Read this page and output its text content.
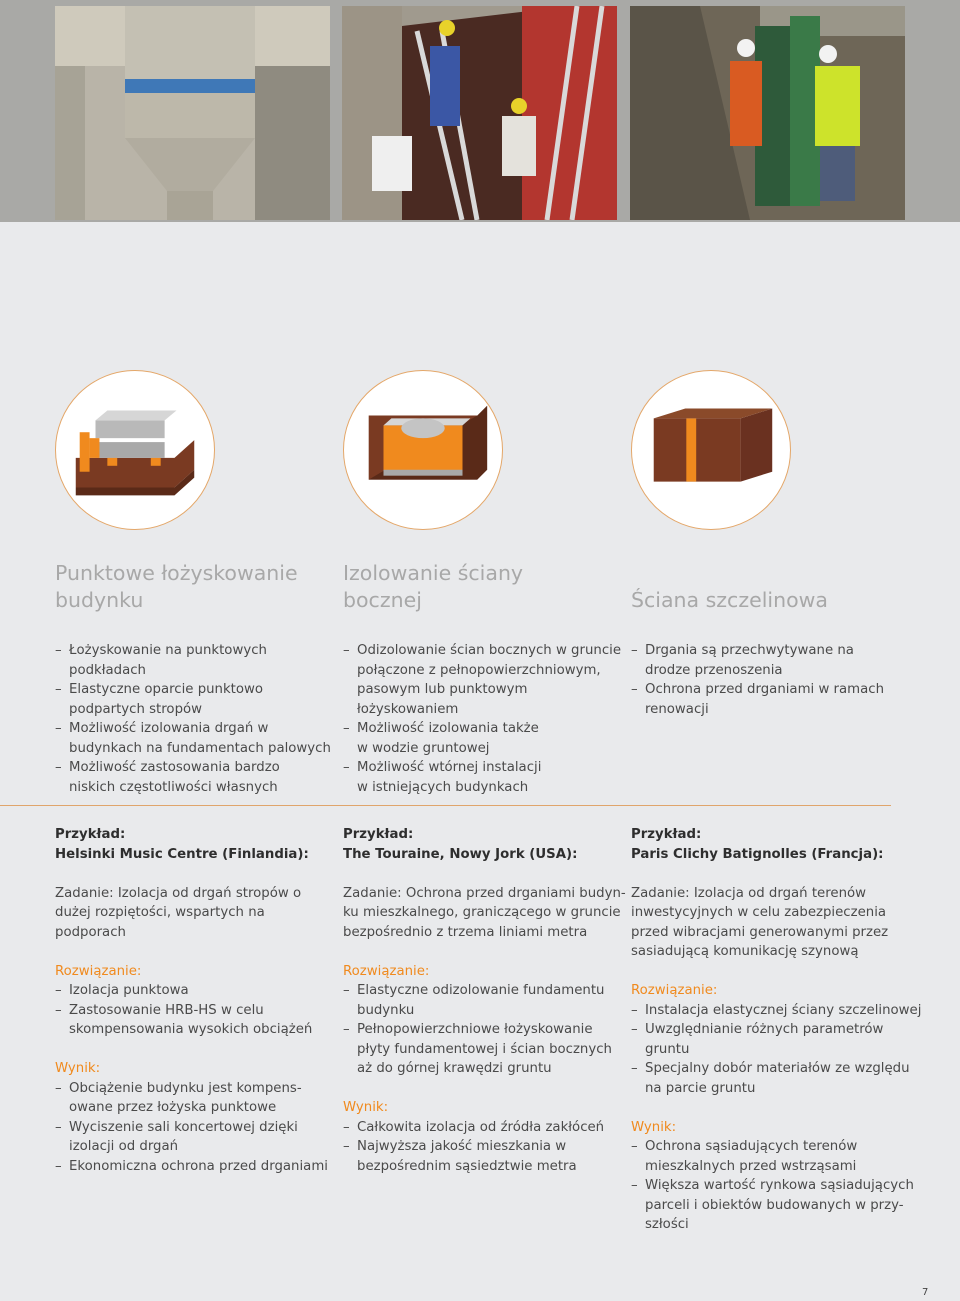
Punktowe łożyskowanie
budynku
– Łożyskowanie na punktowych
podkładach
– Elastyczne oparcie punktowo
podpartych stropów
– Możliwość izolowania drgań w
budynkach na fundamentach palowych
– Możliwość zastosowania bardzo
niskich częstotliwości własnych
Izolowanie ściany
bocznej
– Odizolowanie ścian bocznych w gruncie
połączone z pełnopowierzchniowym,
pasowym lub punktowym
łożyskowaniem
– Możliwość izolowania także
w wodzie gruntowej
– Możliwość wtórnej instalacji
w istniejących budynkach

Ściana szczelinowa
– Drgania są przechwytywane na
drodze przenoszenia
– Ochrona przed drganiami w ramach
renowacji

Przykład:

Helsinki Music Centre (Finlandia):

Zadanie: Izolacja od drgań stropów o
dużej rozpiętości, wspartych na
podporach

Rozwiązanie:

– Izolacja punktowa
– Zastosowanie HRB-HS w celu
skompensowania wysokich obciążeń

Wynik:

– Obciążenie budynku jest kompens-
owane przez łożyska punktowe
– Wyciszenie sali koncertowej dzięki
izolacji od drgań
– Ekonomiczna ochrona przed drganiami

Przykład:

The Touraine, Nowy Jork (USA):

Zadanie: Ochrona przed drganiami budyn-
ku mieszkalnego, graniczącego w gruncie
bezpośrednio z trzema liniami metra

Rozwiązanie:

– Elastyczne odizolowanie fundamentu
budynku
– Pełnopowierzchniowe łożyskowanie
płyty fundamentowej i ścian bocznych
aż do górnej krawędzi gruntu

Wynik:

– Całkowita izolacja od źródła zakłóceń
– Najwyższa jakość mieszkania w
bezpośrednim sąsiedztwie metra

Przykład:

Paris Clichy Batignolles (Francja):

Zadanie: Izolacja od drgań terenów
inwestycyjnych w celu zabezpieczenia
przed wibracjami generowanymi przez
sasiadującą komunikację szynową

Rozwiązanie:

– Instalacja elastycznej ściany szczelinowej
– Uwzględnianie różnych parametrów
gruntu
– Specjalny dobór materiałów ze względu
na parcie gruntu

Wynik:

– Ochrona sąsiadujących terenów
mieszkalnych przed wstrząsami
– Większa wartość rynkowa sąsiadujących
parceli i obiektów budowanych w przy-
szłości
7
